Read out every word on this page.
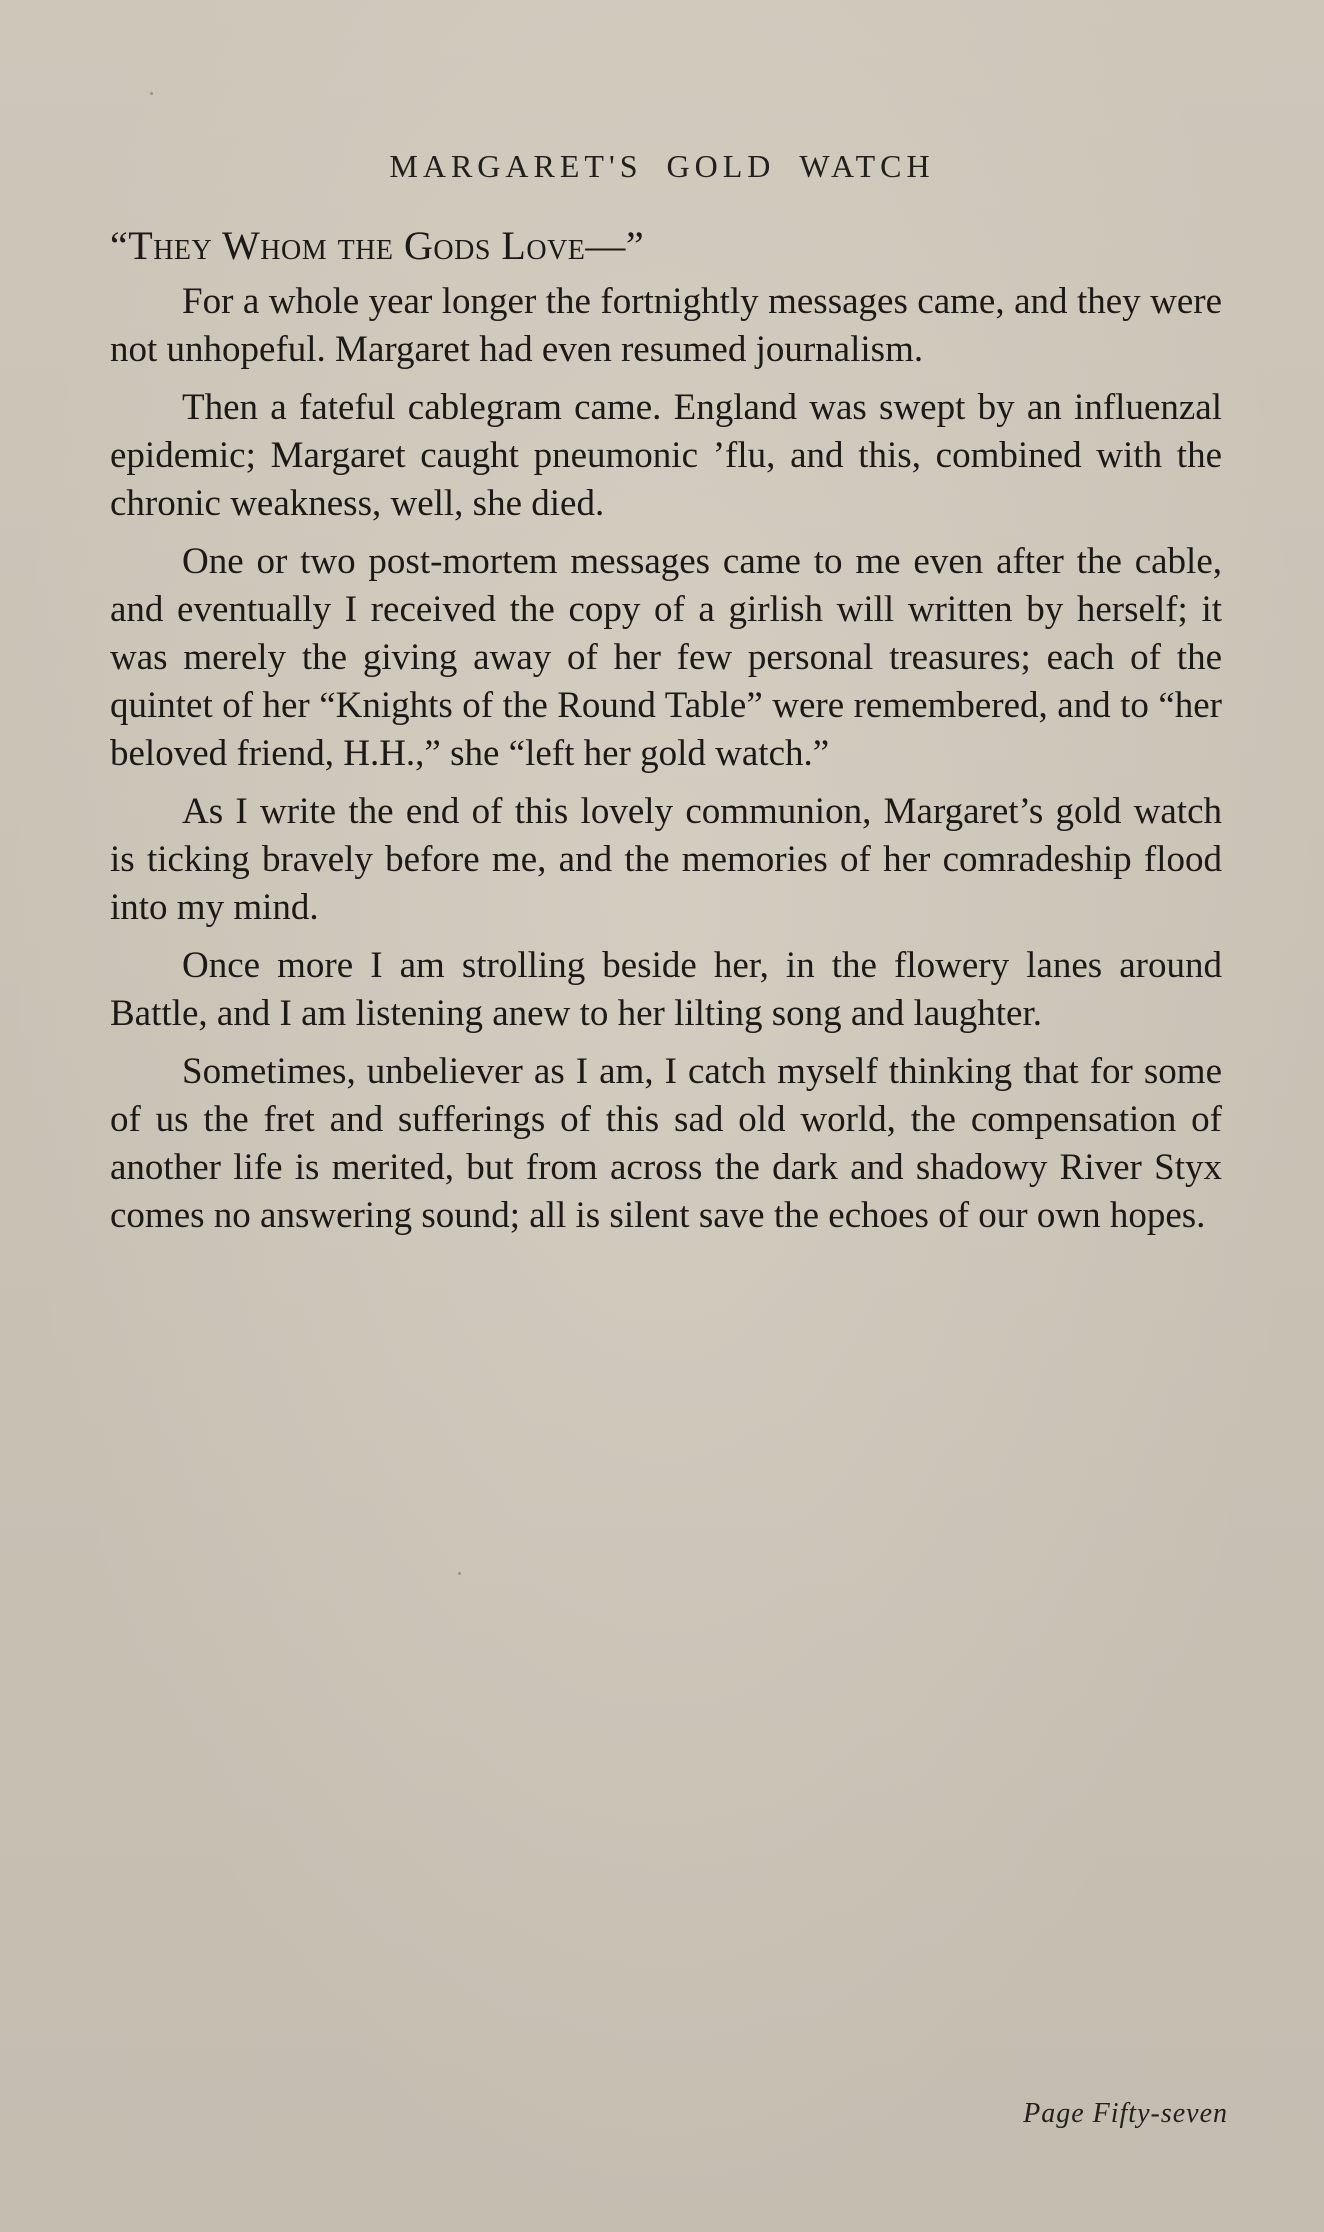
MARGARET'S GOLD WATCH

“They Whom the Gods Love—”

For a whole year longer the fortnightly messages came, and they were not unhopeful. Margaret had even resumed journalism.

Then a fateful cablegram came. England was swept by an influenzal epidemic; Margaret caught pneumonic ’flu, and this, combined with the chronic weakness, well, she died.

One or two post-mortem messages came to me even after the cable, and eventually I received the copy of a girlish will written by herself; it was merely the giving away of her few personal treasures; each of the quintet of her “Knights of the Round Table” were remembered, and to “her beloved friend, H.H.,” she “left her gold watch.”

As I write the end of this lovely communion, Margaret’s gold watch is ticking bravely before me, and the memories of her comradeship flood into my mind.

Once more I am strolling beside her, in the flowery lanes around Battle, and I am listening anew to her lilting song and laughter.

Sometimes, unbeliever as I am, I catch myself thinking that for some of us the fret and sufferings of this sad old world, the compensation of another life is merited, but from across the dark and shadowy River Styx comes no answering sound; all is silent save the echoes of our own hopes.

Page Fifty-seven
